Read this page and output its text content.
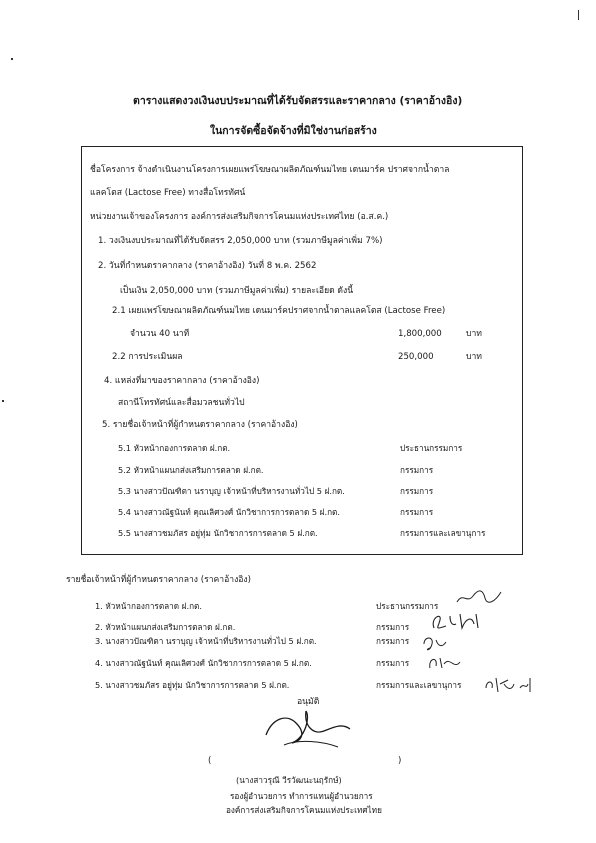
ตารางแสดงวงเงินงบประมาณที่ได้รับจัดสรรและราคากลาง (ราคาอ้างอิง)
ในการจัดซื้อจัดจ้างที่มิใช่งานก่อสร้าง
ชื่อโครงการ จ้างดำเนินงานโครงการเผยแพร่โฆษณาผลิตภัณฑ์นมไทย เดนมาร์ค ปราศจากน้ำตาล
แลคโตส (Lactose Free) ทางสื่อโทรทัศน์
หน่วยงานเจ้าของโครงการ องค์การส่งเสริมกิจการโคนมแห่งประเทศไทย (อ.ส.ค.)
1. วงเงินงบประมาณที่ได้รับจัดสรร 2,050,000 บาท (รวมภาษีมูลค่าเพิ่ม 7%)
2. วันที่กำหนดราคากลาง (ราคาอ้างอิง) วันที่ 8 พ.ค. 2562
เป็นเงิน 2,050,000 บาท (รวมภาษีมูลค่าเพิ่ม) รายละเอียด ดังนี้
2.1 เผยแพร่โฆษณาผลิตภัณฑ์นมไทย เดนมาร์คปราศจากน้ำตาลแลคโตส (Lactose Free)
จำนวน 40 นาที	1,800,000	บาท
2.2 การประเมินผล	250,000	บาท
4. แหล่งที่มาของราคากลาง (ราคาอ้างอิง)
สถานีโทรทัศน์และสื่อมวลชนทั่วไป
5. รายชื่อเจ้าหน้าที่ผู้กำหนดราคากลาง (ราคาอ้างอิง)
5.1 หัวหน้ากองการตลาด ฝ.กต.	ประธานกรรมการ
5.2 หัวหน้าแผนกส่งเสริมการตลาด ฝ.กต.	กรรมการ
5.3 นางสาวปัณฑิตา นราบุญ เจ้าหน้าที่บริหารงานทั่วไป 5 ฝ.กต.	กรรมการ
5.4 นางสาวณัฐนันท์ คุณเลิศวงศ์ นักวิชาการการตลาด 5 ฝ.กต.	กรรมการ
5.5 นางสาวชมภัสร อยู่ทุ่ม นักวิชาการการตลาด 5 ฝ.กต.	กรรมการและเลขานุการ
รายชื่อเจ้าหน้าที่ผู้กำหนดราคากลาง (ราคาอ้างอิง)
1. หัวหน้ากองการตลาด ฝ.กต.	ประธานกรรมการ
2. หัวหน้าแผนกส่งเสริมการตลาด ฝ.กต.	กรรมการ
3. นางสาวปัณฑิตา นราบุญ เจ้าหน้าที่บริหารงานทั่วไป 5 ฝ.กต.	กรรมการ
4. นางสาวณัฐนันท์ คุณเลิศวงศ์ นักวิชาการการตลาด 5 ฝ.กต.	กรรมการ
5. นางสาวชมภัสร อยู่ทุ่ม นักวิชาการการตลาด 5 ฝ.กต.	กรรมการและเลขานุการ
อนุมัติ
(	)
(นางสาวรุณี วีรวัฒนะนฤรักษ์)
รองผู้อำนวยการ ทำการแทนผู้อำนวยการ
องค์การส่งเสริมกิจการโคนมแห่งประเทศไทย
